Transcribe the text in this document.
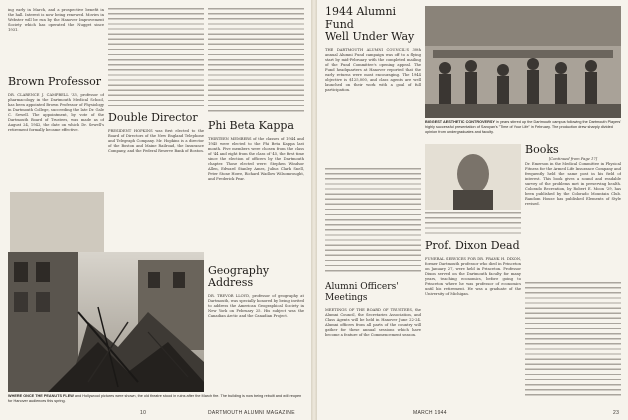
ing early in March, and a prospective benefit in the hall. Interest is now being renewed. Movies in Webster will be run by the Hanover Improvement Society which has operated the Nugget since 1931.

Brown Professor

DR. CLARENCE J. CAMPBELL '33, professor of pharmacology in the Dartmouth Medical School, has been appointed Brown Professor of Physiology in Dartmouth College, succeeding the late Dr. Gale C. Sewell. The appointment, by vote of the Dartmouth Board of Trustees, was made as of August 24, 1942, the date on which Dr. Sewell's retirement formally became effective.

Double Director

PRESIDENT HOPKINS was first elected to the Board of Directors of the New England Telephone and Telegraph Company. Mr. Hopkins is a director of the Boston and Maine Railroad, the Insurance Company, and the Federal Reserve Bank of Boston.

Phi Beta Kappa

THIRTEEN MEMBERS of the classes of 1944 and 1945 were elected to the Phi Beta Kappa last month. Five members were chosen from the class of '44 and eight from the class of '45, the first time since the election of officers by the Dartmouth chapter. Those elected were: Stephen Windsor Allen, Edward Stanley Ames, Julius Clark Snell, Peter Stone Howe, Richard Wadlow Wilsomrought, and Frederick Pear.

Geography Address

DR. TREVOR LLOYD, professor of geography at Dartmouth, was specially honored by being invited to address the American Geographical Society in New York on February 25. His subject was the Canadian Arctic and the Canadian Project.

WHERE ONCE THE PEANUTS FLEW and Hollywood pictures were shown, the old theatre stood in ruins after the March fire. The building is now being rebuilt and will reopen for Hanover audiences this spring.
10	DARTMOUTH ALUMNI MAGAZINE
1944 Alumni Fund
Well Under Way

THE DARTMOUTH ALUMNI COUNCIL'S 30th annual Alumni Fund campaign was off to a flying start by mid-February with the completed mailing of the Fund Committee's opening appeal. The Fund headquarters at Hanover reported that the early returns were most encouraging. The 1944 objective is $125,000, and class agents are well launched on their work with a goal of full participation.

Alumni Officers' Meetings

MEETINGS OF THE BOARD OF TRUSTEES, the Alumni Council, the Secretaries Association, and Class Agents will be held in Hanover June 22-24. Alumni officers from all parts of the country will gather for these annual sessions which have become a feature of the Commencement season.

Prof. Dixon Dead

FUNERAL SERVICES FOR DR. FRANK H. DIXON, former Dartmouth professor who died in Princeton on January 27, were held in Princeton. Professor Dixon served on the Dartmouth faculty for many years, teaching economics, before going to Princeton where he was professor of economics until his retirement. He was a graduate of the University of Michigan.

Books

[Continued from Page 17]

Dr. Emerson in the Medical Committee in Physical Fitness for the Armed Life Insurance Company and frequently held the same post in his field of interest. This book gives a sound and readable survey of the problems met in preserving health. Colorado Recreation, by Robert E. Moon '29, has been published by the Colorado Mountain Club. Random House has published Elements of Style revised.

BIGGEST AESTHETIC CONTROVERSY in years stirred up the Dartmouth campus following the Dartmouth Players' highly successful presentation of Saroyan's "Time of Your Life" in February. The production drew sharply divided opinion from undergraduates and faculty.
MARCH 1944	23
